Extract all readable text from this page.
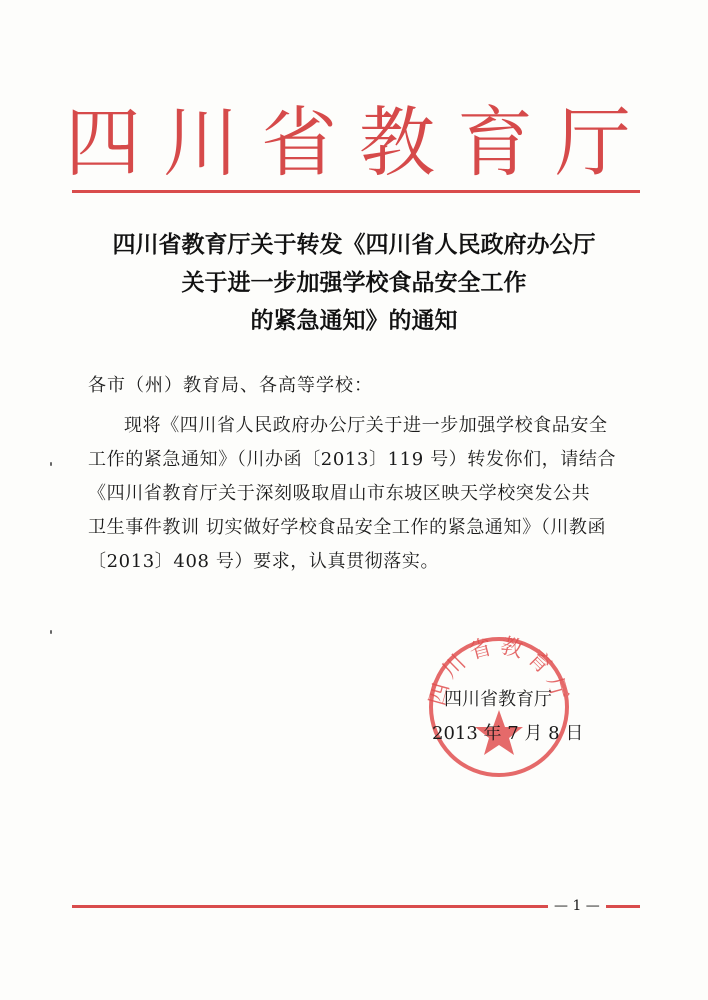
四川省教育厅
四川省教育厅关于转发《四川省人民政府办公厅
关于进一步加强学校食品安全工作
的紧急通知》的通知
各市（州）教育局、各高等学校：
现将《四川省人民政府办公厅关于进一步加强学校食品安全
工作的紧急通知》（川办函〔2013〕119 号）转发你们，请结合
《四川省教育厅关于深刻吸取眉山市东坡区映天学校突发公共
卫生事件教训 切实做好学校食品安全工作的紧急通知》（川教函
〔2013〕408 号）要求，认真贯彻落实。
四川省教育厅
四川省教育厅
2013 年 7 月 8 日
— 1 —
